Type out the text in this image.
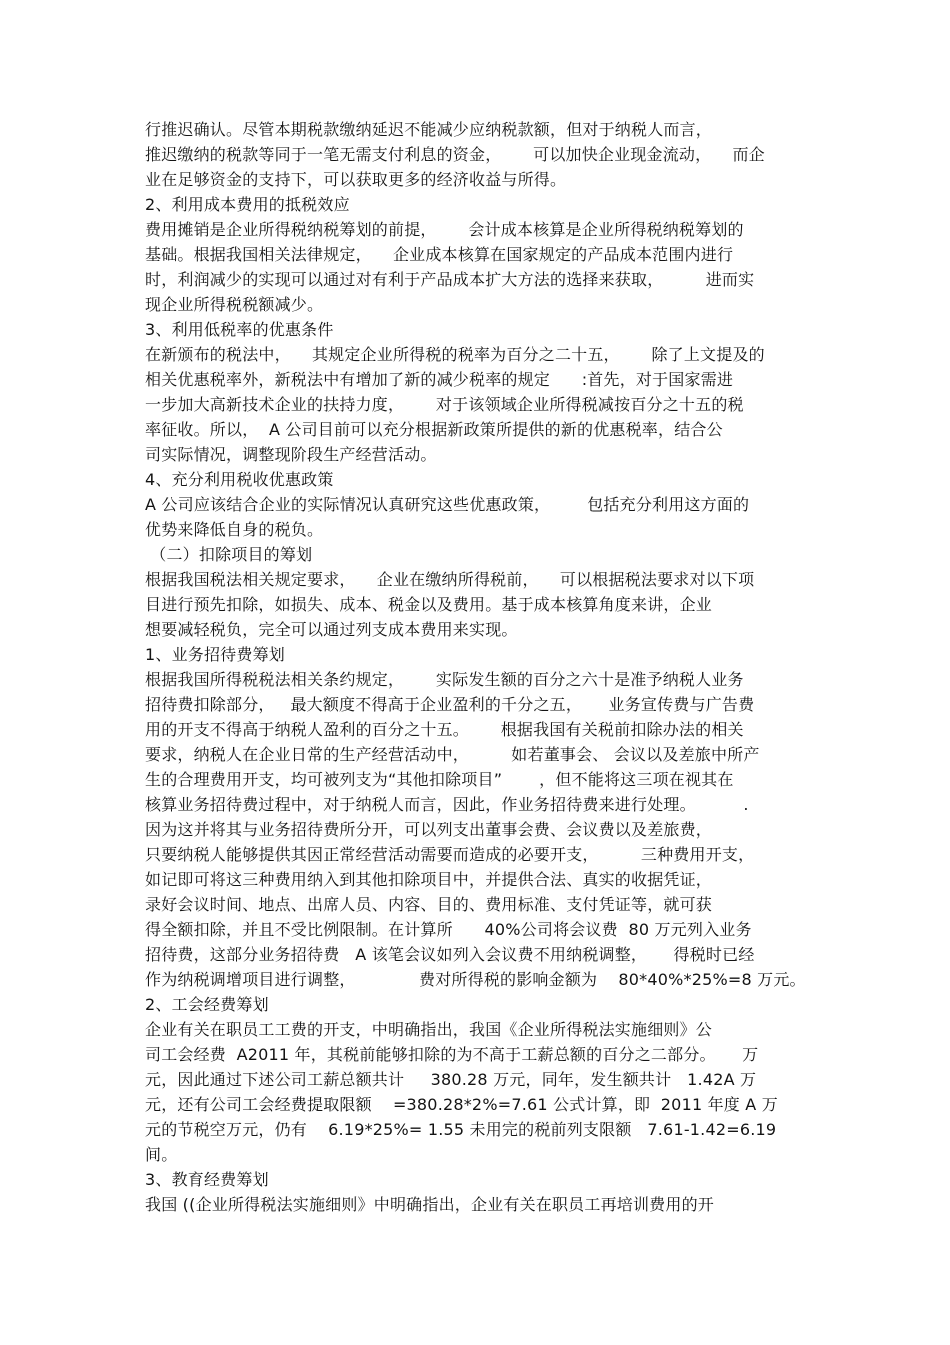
行推迟确认。尽管本期税款缴纳延迟不能减少应纳税款额，但对于纳税人而言，
推迟缴纳的税款等同于一笔无需支付利息的资金，      可以加快企业现金流动，    而企
业在足够资金的支持下，可以获取更多的经济收益与所得。
2、利用成本费用的抵税效应
费用摊销是企业所得税纳税筹划的前提，      会计成本核算是企业所得税纳税筹划的
基础。根据我国相关法律规定，    企业成本核算在国家规定的产品成本范围内进行
时，利润减少的实现可以通过对有利于产品成本扩大方法的选择来获取，        进而实
现企业所得税税额减少。
3、利用低税率的优惠条件
在新颁布的税法中，    其规定企业所得税的税率为百分之二十五，      除了上文提及的
相关优惠税率外，新税法中有增加了新的减少税率的规定      :首先，对于国家需进
一步加大高新技术企业的扶持力度，      对于该领域企业所得税减按百分之十五的税
率征收。所以，  A 公司目前可以充分根据新政策所提供的新的优惠税率，结合公
司实际情况，调整现阶段生产经营活动。
4、充分利用税收优惠政策
A 公司应该结合企业的实际情况认真研究这些优惠政策，       包括充分利用这方面的
优势来降低自身的税负。
（二）扣除项目的筹划
根据我国税法相关规定要求，    企业在缴纳所得税前，    可以根据税法要求对以下项
目进行预先扣除，如损失、成本、税金以及费用。基于成本核算角度来讲，企业
想要减轻税负，完全可以通过列支成本费用来实现。
1、业务招待费筹划
根据我国所得税税法相关条约规定，      实际发生额的百分之六十是准予纳税人业务
招待费扣除部分，   最大额度不得高于企业盈利的千分之五，     业务宣传费与广告费
用的开支不得高于纳税人盈利的百分之十五。      根据我国有关税前扣除办法的相关
要求，纳税人在企业日常的生产经营活动中，        如若董事会、 会议以及差旅中所产
生的合理费用开支，均可被列支为“其他扣除项目”       ，但不能将这三项在视其在
核算业务招待费过程中，对于纳税人而言，因此，作业务招待费来进行处理。         .
因为这并将其与业务招待费所分开，可以列支出董事会费、会议费以及差旅费，
只要纳税人能够提供其因正常经营活动需要而造成的必要开支，        三种费用开支，
如记即可将这三种费用纳入到其他扣除项目中，并提供合法、真实的收据凭证，
录好会议时间、地点、出席人员、内容、目的、费用标准、支付凭证等，就可获
得全额扣除，并且不受比例限制。在计算所      40%公司将会议费  80 万元列入业务
招待费，这部分业务招待费   A 该笔会议如列入会议费不用纳税调整，     得税时已经
作为纳税调增项目进行调整，            费对所得税的影响金额为    80*40%*25%=8 万元。
2、工会经费筹划
企业有关在职员工工费的开支，中明确指出，我国《企业所得税法实施细则》公
司工会经费  A2011 年，其税前能够扣除的为不高于工薪总额的百分之二部分。     万
元，因此通过下述公司工薪总额共计     380.28 万元，同年，发生额共计   1.42A 万
元，还有公司工会经费提取限额    =380.28*2%=7.61 公式计算，即  2011 年度 A 万
元的节税空万元，仍有    6.19*25%= 1.55 未用完的税前列支限额   7.61-1.42=6.19
间。
3、教育经费筹划
我国 ((企业所得税法实施细则》中明确指出，企业有关在职员工再培训费用的开
